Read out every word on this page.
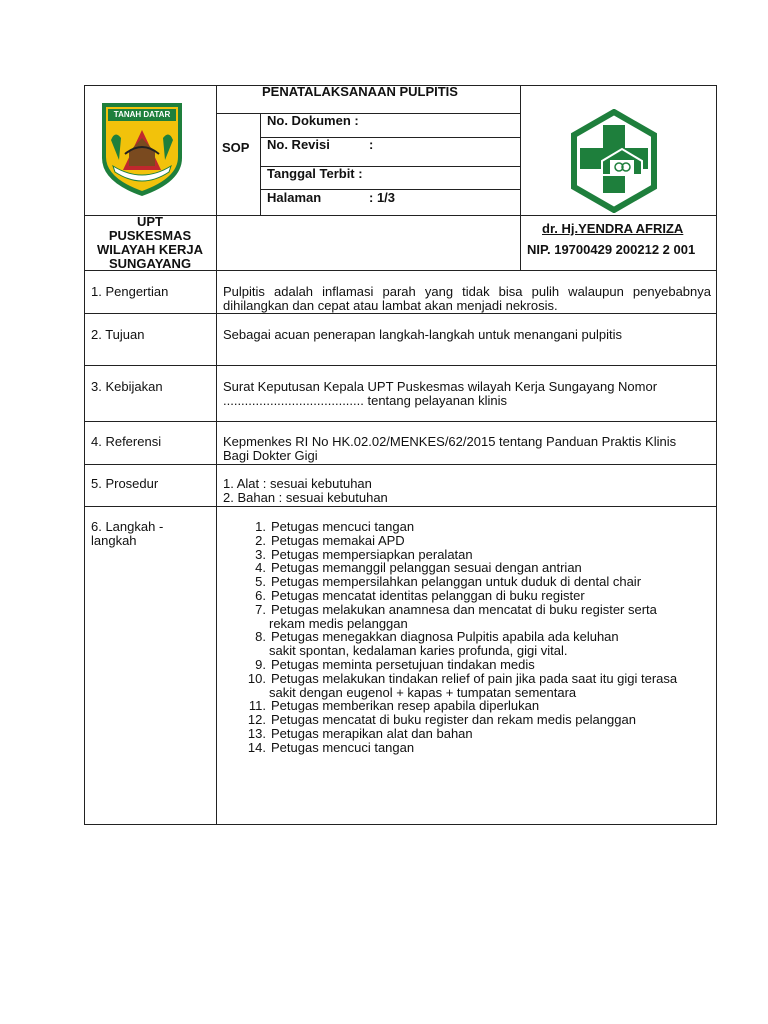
TANAH DATAR
PENATALAKSANAAN PULPITIS
SOP
No. Dokumen :
No. Revisi	:
Tanggal Terbit :
Halaman	: 1/3
UPT
PUSKESMAS
WILAYAH KERJA
SUNGAYANG
dr. Hj.YENDRA AFRIZA
NIP. 19700429 200212 2 001
1. Pengertian	Pulpitis adalah inflamasi parah yang tidak bisa pulih walaupun penyebabnya dihilangkan dan cepat atau lambat akan menjadi nekrosis.
2. Tujuan	Sebagai acuan penerapan langkah-langkah untuk menangani pulpitis
3. Kebijakan	Surat Keputusan Kepala UPT Puskesmas wilayah Kerja Sungayang Nomor
....................................... tentang pelayanan klinis
4. Referensi	Kepmenkes RI No HK.02.02/MENKES/62/2015 tentang Panduan Praktis Klinis
Bagi Dokter Gigi
5. Prosedur	1. Alat : sesuai kebutuhan
2. Bahan : sesuai kebutuhan
6. Langkah -
langkah
1. Petugas mencuci tangan
2. Petugas memakai APD
3. Petugas mempersiapkan peralatan
4. Petugas memanggil pelanggan sesuai dengan antrian
5. Petugas mempersilahkan pelanggan untuk duduk di dental chair
6. Petugas mencatat identitas pelanggan di buku register
7. Petugas melakukan anamnesa dan mencatat di buku register serta
rekam medis pelanggan
8. Petugas menegakkan diagnosa Pulpitis apabila ada keluhan
sakit spontan, kedalaman karies profunda, gigi vital.
9. Petugas meminta persetujuan tindakan medis
10. Petugas melakukan tindakan relief of pain jika pada saat itu gigi terasa
sakit dengan eugenol + kapas + tumpatan sementara
11. Petugas memberikan resep apabila diperlukan
12. Petugas mencatat di buku register dan rekam medis pelanggan
13. Petugas merapikan alat dan bahan
14. Petugas mencuci tangan
